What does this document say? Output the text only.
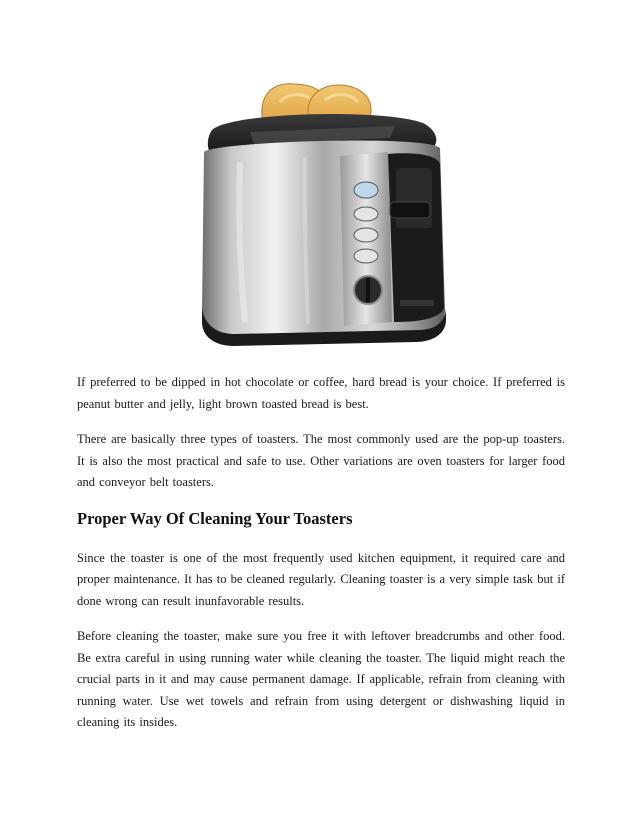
If preferred to be dipped in hot chocolate or coffee, hard bread is your choice. If preferred is peanut butter and jelly, light brown toasted bread is best.

There are basically three types of toasters. The most commonly used are the pop-up toasters. It is also the most practical and safe to use. Other variations are oven toasters for larger food and conveyor belt toasters.

Proper Way Of Cleaning Your Toasters

Since the toaster is one of the most frequently used kitchen equipment, it required care and proper maintenance. It has to be cleaned regularly. Cleaning toaster is a very simple task but if done wrong can result inunfavorable results.

Before cleaning the toaster, make sure you free it with leftover breadcrumbs and other food. Be extra careful in using running water while cleaning the toaster. The liquid might reach the crucial parts in it and may cause permanent damage. If applicable, refrain from cleaning with running water. Use wet towels and refrain from using detergent or dishwashing liquid in cleaning its insides.
